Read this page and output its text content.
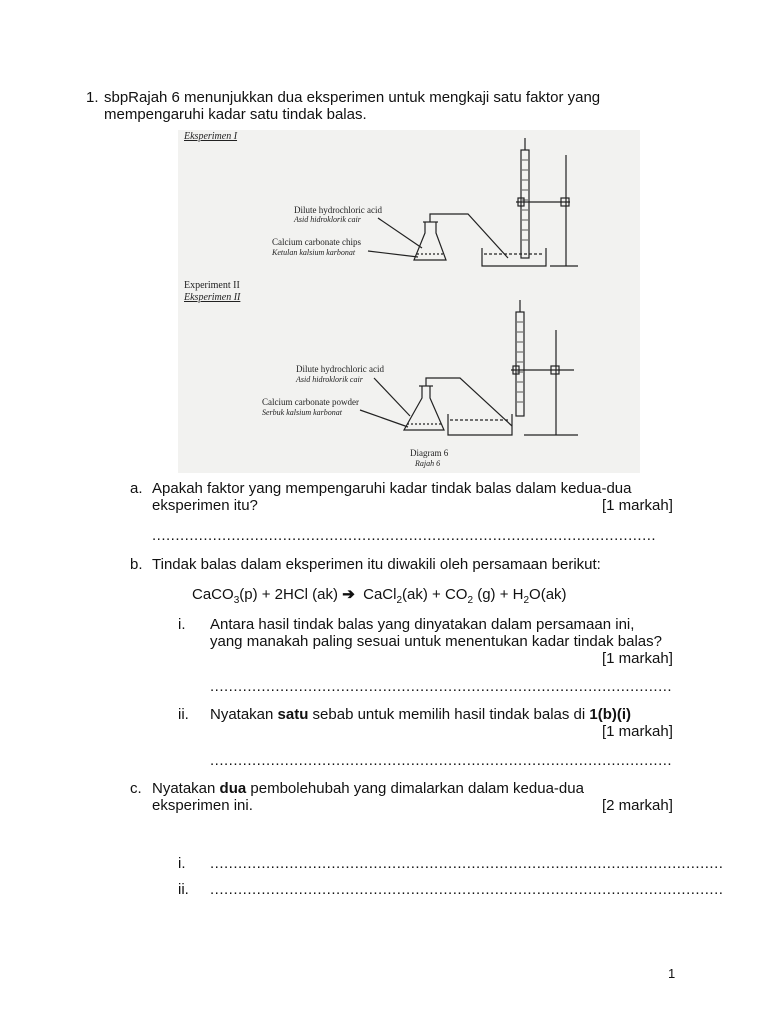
1. sbpRajah 6 menunjukkan dua eksperimen untuk mengkaji satu faktor yang
mempengaruhi kadar satu tindak balas.
Eksperimen I
Dilute hydrochloric acid
Asid hidroklorik cair
Calcium carbonate chips
Ketulan kalsium karbonat
Experiment II
Eksperimen II
Dilute hydrochloric acid
Asid hidroklorik cair
Calcium carbonate powder
Serbuk kalsium karbonat
Diagram 6
Rajah 6
a. Apakah faktor yang mempengaruhi kadar tindak balas dalam kedua-dua
eksperimen itu?	[1 markah]
............................................................................................................
b. Tindak balas dalam eksperimen itu diwakili oleh persamaan berikut:
CaCO$_3$(p) + 2HCl (ak) ➔ CaCl$_2$(ak) + $CO_2$ $(g) + H_2O(ak)$
i. Antara hasil tindak balas yang dinyatakan dalam persamaan ini,
yang manakah paling sesuai untuk menentukan kadar tindak balas?
[1 markah]
...................................................................................................
ii. Nyatakan satu sebab untuk memilih hasil tindak balas di 1(b)(i)
[1 markah]
...................................................................................................
c. Nyatakan dua pembolehubah yang dimalarkan dalam kedua-dua
eksperimen ini.	[2 markah]
i. ..............................................................................................................
ii. ..............................................................................................................
1
